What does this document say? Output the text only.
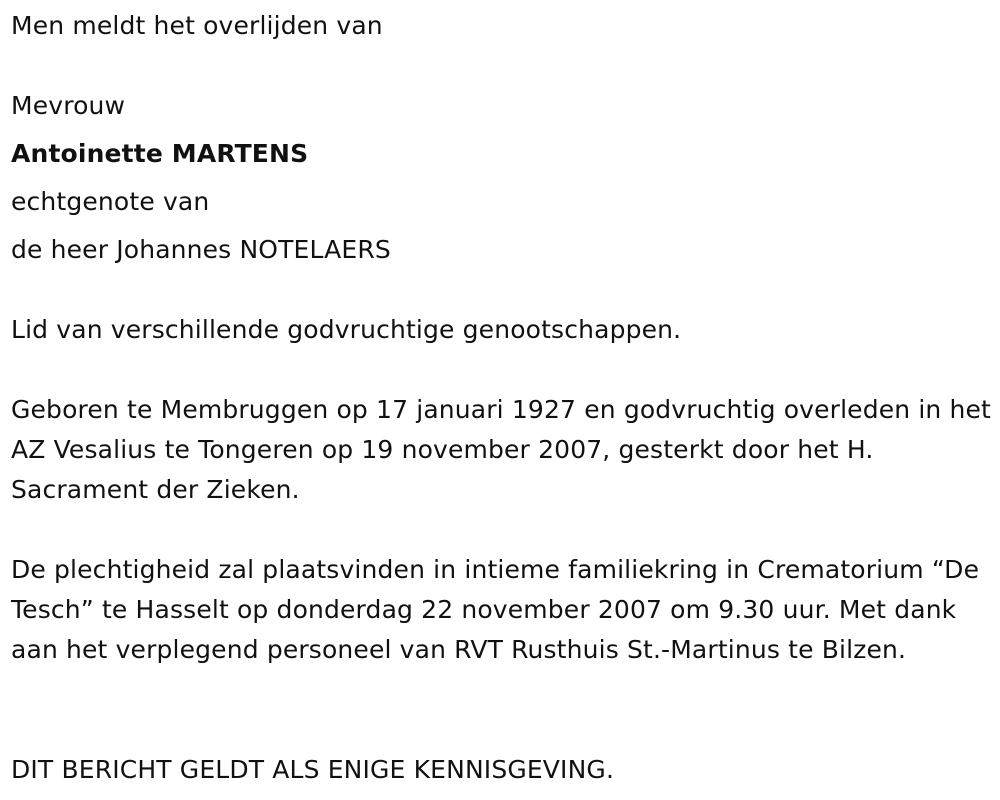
Men meldt het overlijden van
Mevrouw
Antoinette MARTENS
echtgenote van
de heer Johannes NOTELAERS
Lid van verschillende godvruchtige genootschappen.
Geboren te Membruggen op 17 januari 1927 en godvruchtig overleden in het AZ Vesalius te Tongeren op 19 november 2007, gesterkt door het H. Sacrament der Zieken.
De plechtigheid zal plaatsvinden in intieme familiekring in Crematorium “De Tesch” te Hasselt op donderdag 22 november 2007 om 9.30 uur. Met dank aan het verplegend personeel van RVT Rusthuis St.-Martinus te Bilzen.
DIT BERICHT GELDT ALS ENIGE KENNISGEVING.
